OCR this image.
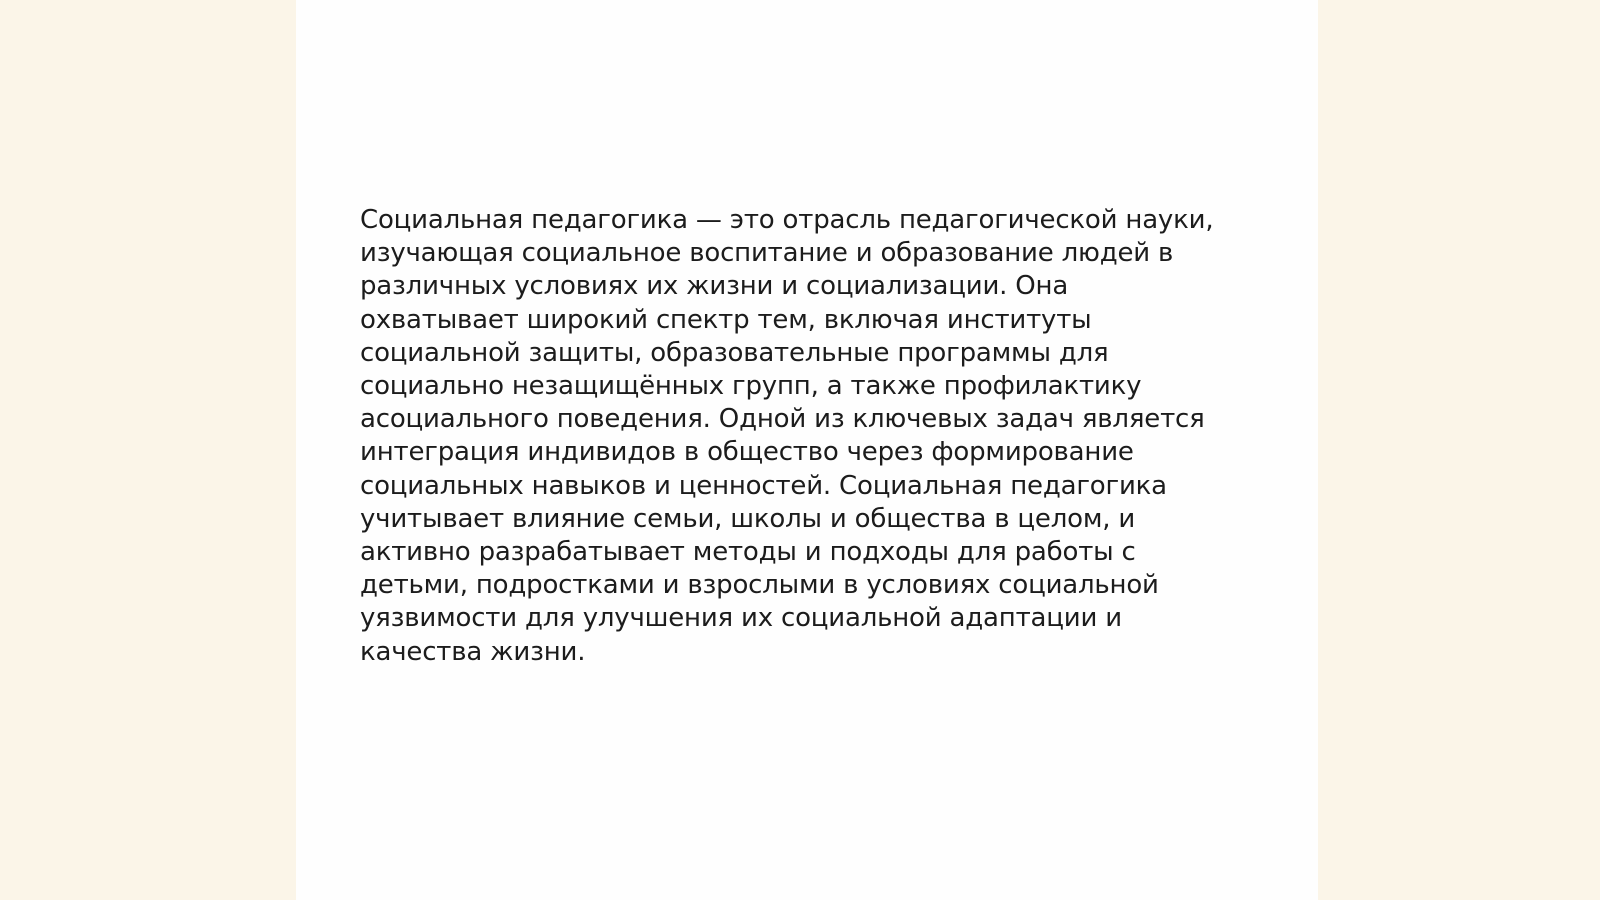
Социальная педагогика — это отрасль педагогической науки,
изучающая социальное воспитание и образование людей в
различных условиях их жизни и социализации. Она
охватывает широкий спектр тем, включая институты
социальной защиты, образовательные программы для
социально незащищённых групп, а также профилактику
асоциального поведения. Одной из ключевых задач является
интеграция индивидов в общество через формирование
социальных навыков и ценностей. Социальная педагогика
учитывает влияние семьи, школы и общества в целом, и
активно разрабатывает методы и подходы для работы с
детьми, подростками и взрослыми в условиях социальной
уязвимости для улучшения их социальной адаптации и
качества жизни.
